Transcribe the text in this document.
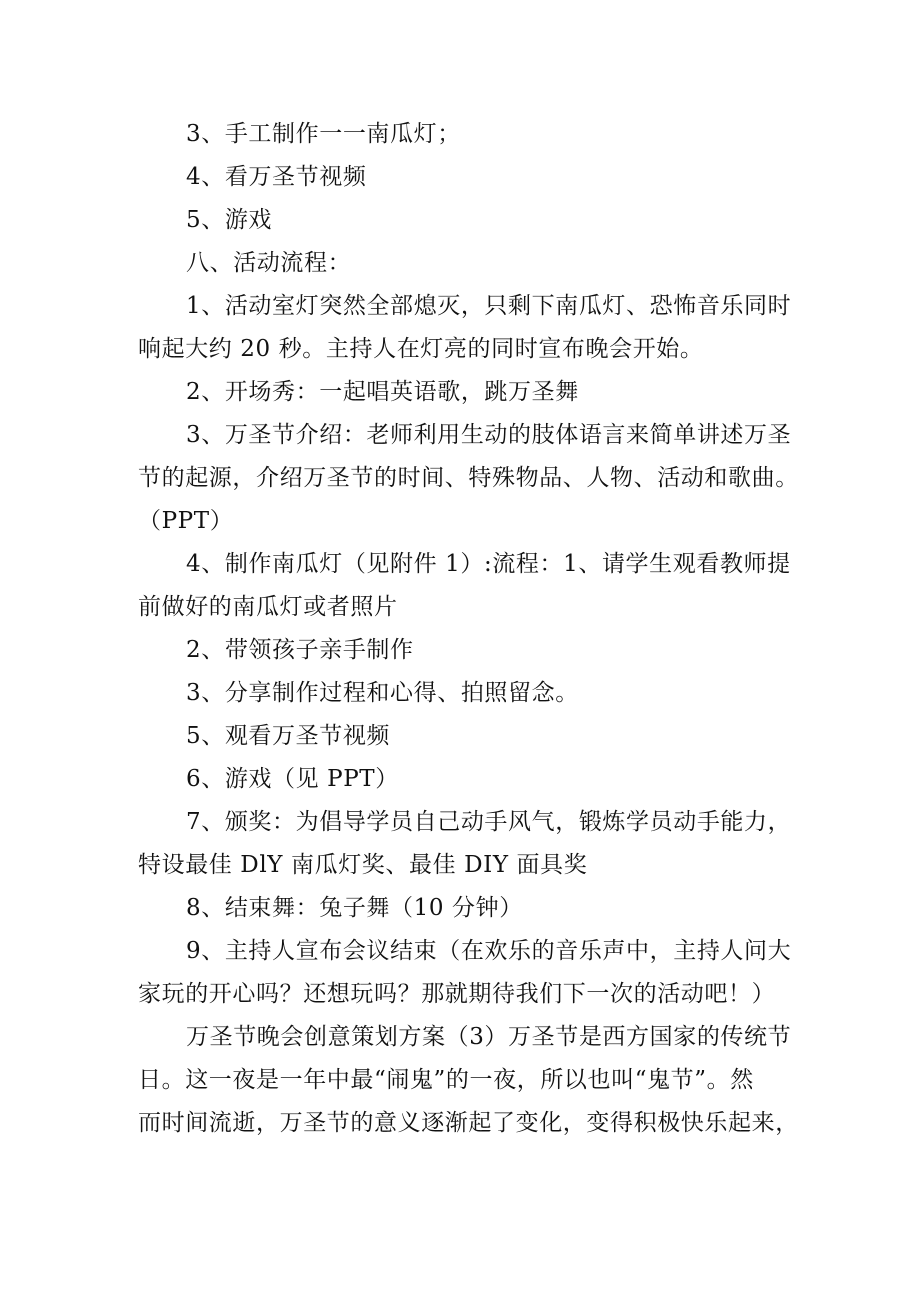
3、手工制作一一南瓜灯；
4、看万圣节视频
5、游戏
八、活动流程：
1、活动室灯突然全部熄灭，只剩下南瓜灯、恐怖音乐同时
响起大约 20 秒。主持人在灯亮的同时宣布晚会开始。
2、开场秀：一起唱英语歌，跳万圣舞
3、万圣节介绍：老师利用生动的肢体语言来简单讲述万圣
节的起源，介绍万圣节的时间、特殊物品、人物、活动和歌曲。
（PPT）
4、制作南瓜灯（见附件 1）:流程：1、请学生观看教师提
前做好的南瓜灯或者照片
2、带领孩子亲手制作
3、分享制作过程和心得、拍照留念。
5、观看万圣节视频
6、游戏（见 PPT）
7、颁奖：为倡导学员自己动手风气，锻炼学员动手能力，
特设最佳 DlY 南瓜灯奖、最佳 DIY 面具奖
8、结束舞：兔子舞（10 分钟）
9、主持人宣布会议结束（在欢乐的音乐声中，主持人问大
家玩的开心吗？还想玩吗？那就期待我们下一次的活动吧！）
万圣节晚会创意策划方案（3）万圣节是西方国家的传统节
日。这一夜是一年中最“闹鬼”的一夜，所以也叫“鬼节”。然
而时间流逝，万圣节的意义逐渐起了变化，变得积极快乐起来，
